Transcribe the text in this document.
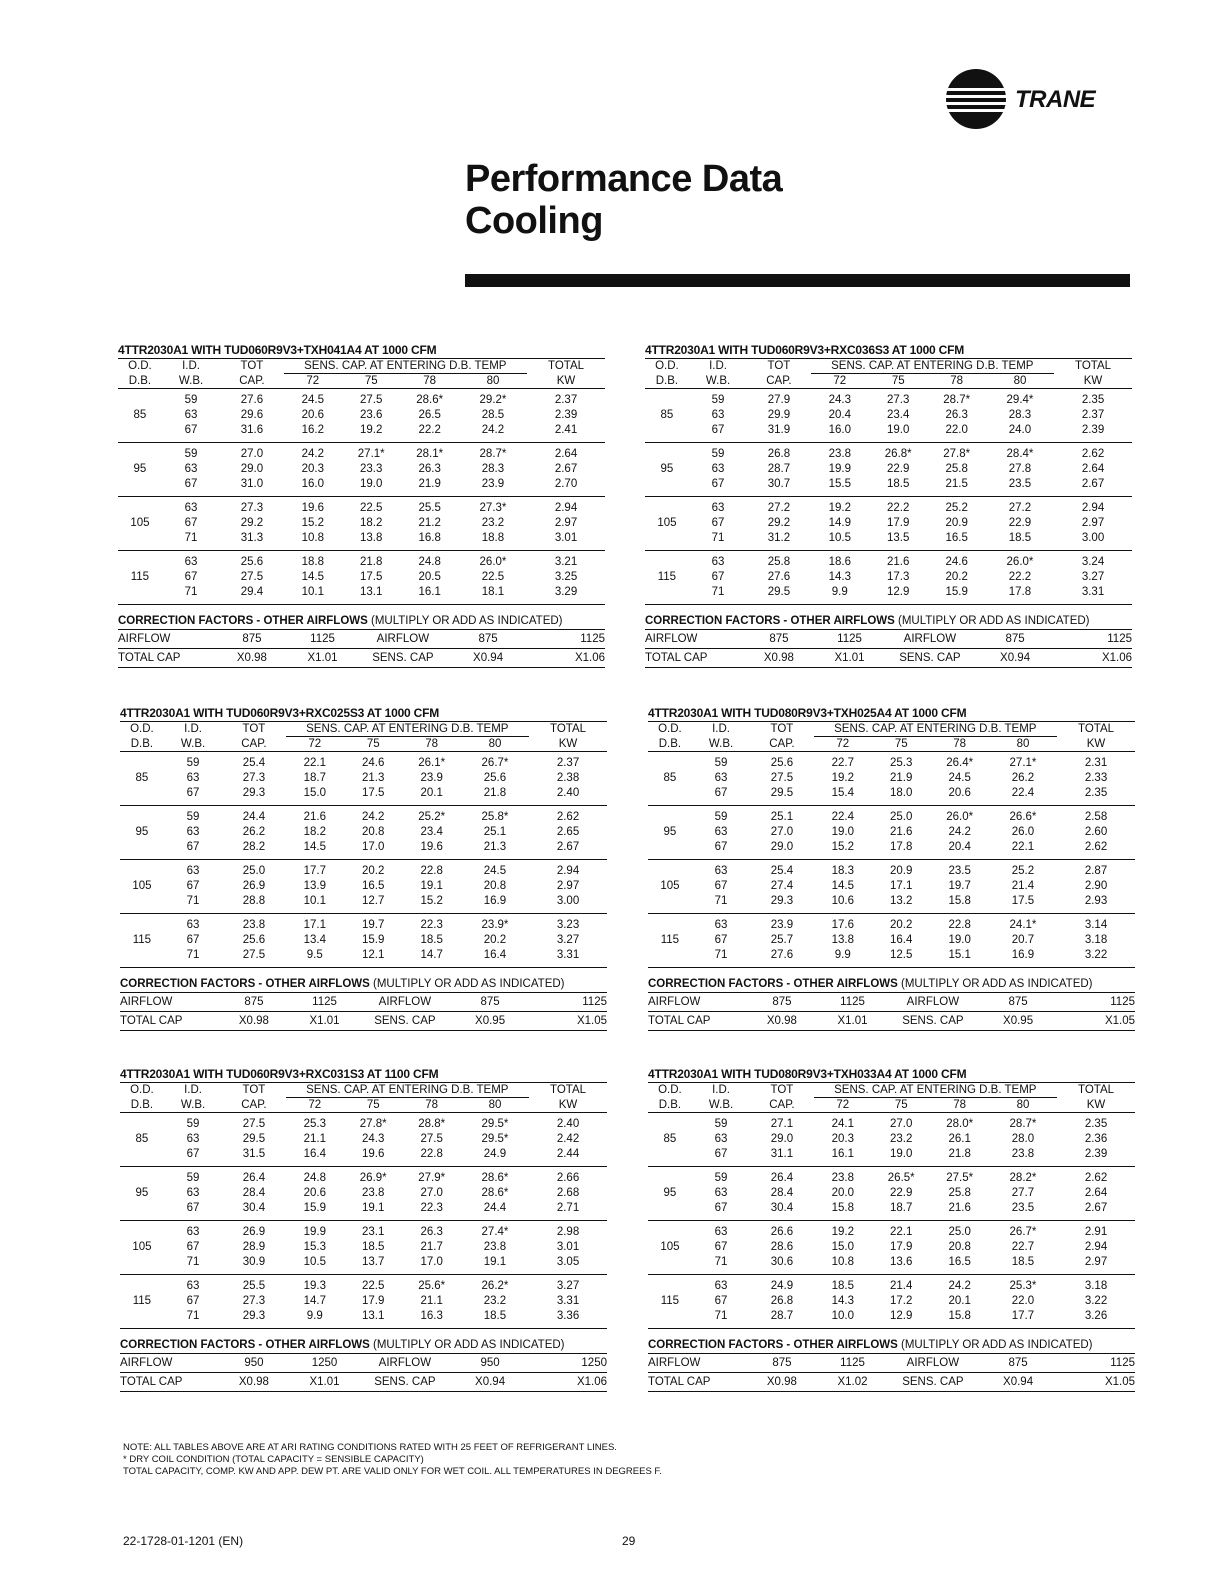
TRANE
Performance Data
Cooling
4TTR2030A1 WITH TUD060R9V3+TXH041A4 AT 1000 CFM
O.D.	I.D.	TOT	SENS. CAP. AT ENTERING D.B. TEMP				TOTAL
D.B.	W.B.	CAP.	72	75	78	80	KW
	59	27.6	24.5	27.5	28.6*	29.2*	2.37
85	63	29.6	20.6	23.6	26.5	28.5	2.39
	67	31.6	16.2	19.2	22.2	24.2	2.41
	59	27.0	24.2	27.1*	28.1*	28.7*	2.64
95	63	29.0	20.3	23.3	26.3	28.3	2.67
	67	31.0	16.0	19.0	21.9	23.9	2.70
	63	27.3	19.6	22.5	25.5	27.3*	2.94
105	67	29.2	15.2	18.2	21.2	23.2	2.97
	71	31.3	10.8	13.8	16.8	18.8	3.01
	63	25.6	18.8	21.8	24.8	26.0*	3.21
115	67	27.5	14.5	17.5	20.5	22.5	3.25
	71	29.4	10.1	13.1	16.1	18.1	3.29
CORRECTION FACTORS - OTHER AIRFLOWS (MULTIPLY OR ADD AS INDICATED)
AIRFLOW	875	1125	AIRFLOW	875	1125
TOTAL CAP	X0.98	X1.01	SENS. CAP	X0.94	X1.06
4TTR2030A1 WITH TUD060R9V3+RXC036S3 AT 1000 CFM
O.D.	I.D.	TOT	SENS. CAP. AT ENTERING D.B. TEMP				TOTAL
D.B.	W.B.	CAP.	72	75	78	80	KW
	59	27.9	24.3	27.3	28.7*	29.4*	2.35
85	63	29.9	20.4	23.4	26.3	28.3	2.37
	67	31.9	16.0	19.0	22.0	24.0	2.39
	59	26.8	23.8	26.8*	27.8*	28.4*	2.62
95	63	28.7	19.9	22.9	25.8	27.8	2.64
	67	30.7	15.5	18.5	21.5	23.5	2.67
	63	27.2	19.2	22.2	25.2	27.2	2.94
105	67	29.2	14.9	17.9	20.9	22.9	2.97
	71	31.2	10.5	13.5	16.5	18.5	3.00
	63	25.8	18.6	21.6	24.6	26.0*	3.24
115	67	27.6	14.3	17.3	20.2	22.2	3.27
	71	29.5	9.9	12.9	15.9	17.8	3.31
CORRECTION FACTORS - OTHER AIRFLOWS (MULTIPLY OR ADD AS INDICATED)
AIRFLOW	875	1125	AIRFLOW	875	1125
TOTAL CAP	X0.98	X1.01	SENS. CAP	X0.94	X1.06
4TTR2030A1 WITH TUD060R9V3+RXC025S3 AT 1000 CFM
O.D.	I.D.	TOT	SENS. CAP. AT ENTERING D.B. TEMP				TOTAL
D.B.	W.B.	CAP.	72	75	78	80	KW
	59	25.4	22.1	24.6	26.1*	26.7*	2.37
85	63	27.3	18.7	21.3	23.9	25.6	2.38
	67	29.3	15.0	17.5	20.1	21.8	2.40
	59	24.4	21.6	24.2	25.2*	25.8*	2.62
95	63	26.2	18.2	20.8	23.4	25.1	2.65
	67	28.2	14.5	17.0	19.6	21.3	2.67
	63	25.0	17.7	20.2	22.8	24.5	2.94
105	67	26.9	13.9	16.5	19.1	20.8	2.97
	71	28.8	10.1	12.7	15.2	16.9	3.00
	63	23.8	17.1	19.7	22.3	23.9*	3.23
115	67	25.6	13.4	15.9	18.5	20.2	3.27
	71	27.5	9.5	12.1	14.7	16.4	3.31
CORRECTION FACTORS - OTHER AIRFLOWS (MULTIPLY OR ADD AS INDICATED)
AIRFLOW	875	1125	AIRFLOW	875	1125
TOTAL CAP	X0.98	X1.01	SENS. CAP	X0.95	X1.05
4TTR2030A1 WITH TUD080R9V3+TXH025A4 AT 1000 CFM
O.D.	I.D.	TOT	SENS. CAP. AT ENTERING D.B. TEMP				TOTAL
D.B.	W.B.	CAP.	72	75	78	80	KW
	59	25.6	22.7	25.3	26.4*	27.1*	2.31
85	63	27.5	19.2	21.9	24.5	26.2	2.33
	67	29.5	15.4	18.0	20.6	22.4	2.35
	59	25.1	22.4	25.0	26.0*	26.6*	2.58
95	63	27.0	19.0	21.6	24.2	26.0	2.60
	67	29.0	15.2	17.8	20.4	22.1	2.62
	63	25.4	18.3	20.9	23.5	25.2	2.87
105	67	27.4	14.5	17.1	19.7	21.4	2.90
	71	29.3	10.6	13.2	15.8	17.5	2.93
	63	23.9	17.6	20.2	22.8	24.1*	3.14
115	67	25.7	13.8	16.4	19.0	20.7	3.18
	71	27.6	9.9	12.5	15.1	16.9	3.22
CORRECTION FACTORS - OTHER AIRFLOWS (MULTIPLY OR ADD AS INDICATED)
AIRFLOW	875	1125	AIRFLOW	875	1125
TOTAL CAP	X0.98	X1.01	SENS. CAP	X0.95	X1.05
4TTR2030A1 WITH TUD060R9V3+RXC031S3 AT 1100 CFM
O.D.	I.D.	TOT	SENS. CAP. AT ENTERING D.B. TEMP				TOTAL
D.B.	W.B.	CAP.	72	75	78	80	KW
	59	27.5	25.3	27.8*	28.8*	29.5*	2.40
85	63	29.5	21.1	24.3	27.5	29.5*	2.42
	67	31.5	16.4	19.6	22.8	24.9	2.44
	59	26.4	24.8	26.9*	27.9*	28.6*	2.66
95	63	28.4	20.6	23.8	27.0	28.6*	2.68
	67	30.4	15.9	19.1	22.3	24.4	2.71
	63	26.9	19.9	23.1	26.3	27.4*	2.98
105	67	28.9	15.3	18.5	21.7	23.8	3.01
	71	30.9	10.5	13.7	17.0	19.1	3.05
	63	25.5	19.3	22.5	25.6*	26.2*	3.27
115	67	27.3	14.7	17.9	21.1	23.2	3.31
	71	29.3	9.9	13.1	16.3	18.5	3.36
CORRECTION FACTORS - OTHER AIRFLOWS (MULTIPLY OR ADD AS INDICATED)
AIRFLOW	950	1250	AIRFLOW	950	1250
TOTAL CAP	X0.98	X1.01	SENS. CAP	X0.94	X1.06
4TTR2030A1 WITH TUD080R9V3+TXH033A4 AT 1000 CFM
O.D.	I.D.	TOT	SENS. CAP. AT ENTERING D.B. TEMP				TOTAL
D.B.	W.B.	CAP.	72	75	78	80	KW
	59	27.1	24.1	27.0	28.0*	28.7*	2.35
85	63	29.0	20.3	23.2	26.1	28.0	2.36
	67	31.1	16.1	19.0	21.8	23.8	2.39
	59	26.4	23.8	26.5*	27.5*	28.2*	2.62
95	63	28.4	20.0	22.9	25.8	27.7	2.64
	67	30.4	15.8	18.7	21.6	23.5	2.67
	63	26.6	19.2	22.1	25.0	26.7*	2.91
105	67	28.6	15.0	17.9	20.8	22.7	2.94
	71	30.6	10.8	13.6	16.5	18.5	2.97
	63	24.9	18.5	21.4	24.2	25.3*	3.18
115	67	26.8	14.3	17.2	20.1	22.0	3.22
	71	28.7	10.0	12.9	15.8	17.7	3.26
CORRECTION FACTORS - OTHER AIRFLOWS (MULTIPLY OR ADD AS INDICATED)
AIRFLOW	875	1125	AIRFLOW	875	1125
TOTAL CAP	X0.98	X1.02	SENS. CAP	X0.94	X1.05
NOTE: ALL TABLES ABOVE ARE AT ARI RATING CONDITIONS RATED WITH 25 FEET OF REFRIGERANT LINES.
* DRY COIL CONDITION (TOTAL CAPACITY = SENSIBLE CAPACITY)
TOTAL CAPACITY, COMP. KW AND APP. DEW PT. ARE VALID ONLY FOR WET COIL. ALL TEMPERATURES IN DEGREES F.
22-1728-01-1201 (EN)	29
